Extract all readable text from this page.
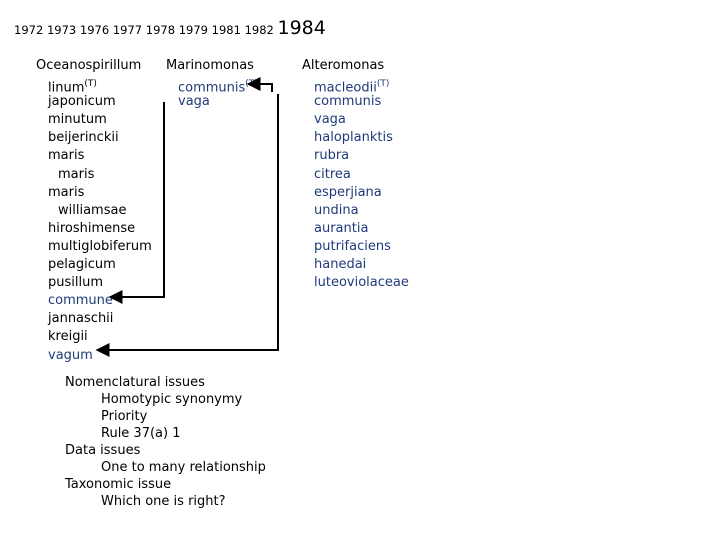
1972 1973 1976 1977 1978 1979 1981 1982 1984
Oceanospirillum
linum$^{(T)}$
japonicum
minutum
beijerinckii
maris
maris
maris
williamsae
hiroshimense
multiglobiferum
pelagicum
pusillum
commune
jannaschii
kreigii
vagum
Marinomonas
communis$^{(T)}$
vaga
Alteromonas
macleodii$^{(T)}$
communis
vaga
haloplanktis
rubra
citrea
esperjiana
undina
aurantia
putrifaciens
hanedai
luteoviolaceae
Nomenclatural issues
Homotypic synonymy
Priority
Rule 37(a) 1
Data issues
One to many relationship
Taxonomic issue
Which one is right?
